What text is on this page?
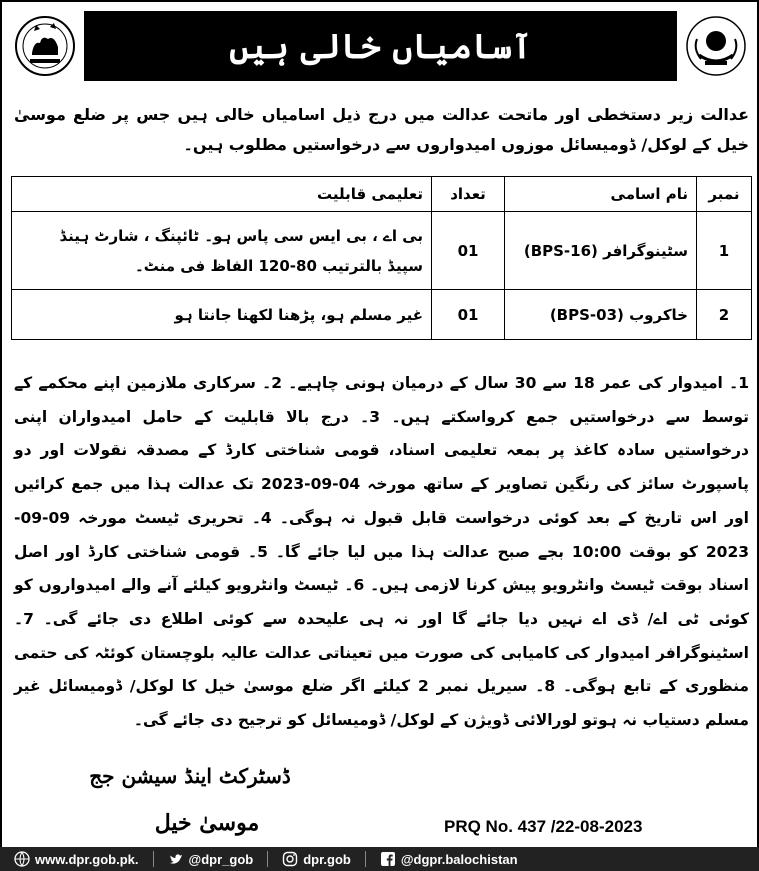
آسامیاں خالی ہیں
عدالت زیر دستخطی اور ماتحت عدالت میں درج ذیل اسامیاں خالی ہیں جس پر ضلع موسیٰ خیل کے لوکل/ ڈومیسائل موزوں امیدواروں سے درخواستیں مطلوب ہیں۔
نمبر	نام اسامی	تعداد	تعلیمی قابلیت
1	سٹینوگرافر (BPS-16)	01	بی اے ، بی ایس سی پاس ہو۔ ٹائپنگ ، شارٹ ہینڈ سپیڈ بالترتیب 80-120 الفاظ فی منٹ۔
2	خاکروب (BPS-03)	01	غیر مسلم ہو، پڑھنا لکھنا جانتا ہو
1۔ امیدوار کی عمر 18 سے 30 سال کے درمیان ہونی چاہیے۔ 2۔ سرکاری ملازمین اپنے محکمے کے توسط سے درخواستیں جمع کرواسکتے ہیں۔ 3۔ درج بالا قابلیت کے حامل امیدواران اپنی درخواستیں سادہ کاغذ پر بمعہ تعلیمی اسناد، قومی شناختی کارڈ کے مصدقہ نقولات اور دو پاسپورٹ سائز کی رنگین تصاویر کے ساتھ مورخہ 04-09-2023 تک عدالت ہذا میں جمع کرائیں اور اس تاریخ کے بعد کوئی درخواست قابل قبول نہ ہوگی۔ 4۔ تحریری ٹیسٹ مورخہ 09-09-2023 کو بوقت 10:00 بجے صبح عدالت ہذا میں لیا جائے گا۔ 5۔ قومی شناختی کارڈ اور اصل اسناد بوقت ٹیسٹ وانٹرویو پیش کرنا لازمی ہیں۔ 6۔ ٹیسٹ وانٹرویو کیلئے آنے والے امیدواروں کو کوئی ٹی اے/ ڈی اے نہیں دیا جائے گا اور نہ ہی علیحدہ سے کوئی اطلاع دی جائے گی۔ 7۔ اسٹینوگرافر امیدوار کی کامیابی کی صورت میں تعیناتی عدالت عالیہ بلوچستان کوئٹہ کی حتمی منظوری کے تابع ہوگی۔ 8۔ سیریل نمبر 2 کیلئے اگر ضلع موسیٰ خیل کا لوکل/ ڈومیسائل غیر مسلم دستیاب نہ ہوتو لورالائی ڈویژن کے لوکل/ ڈومیسائل کو ترجیح دی جائے گی۔
ڈسٹرکٹ اینڈ سیشن جج
موسیٰ خیل	PRQ No. 437 /22-08-2023
www.dpr.gob.pk.	@dpr_gob	dpr.gob	@dgpr.balochistan
